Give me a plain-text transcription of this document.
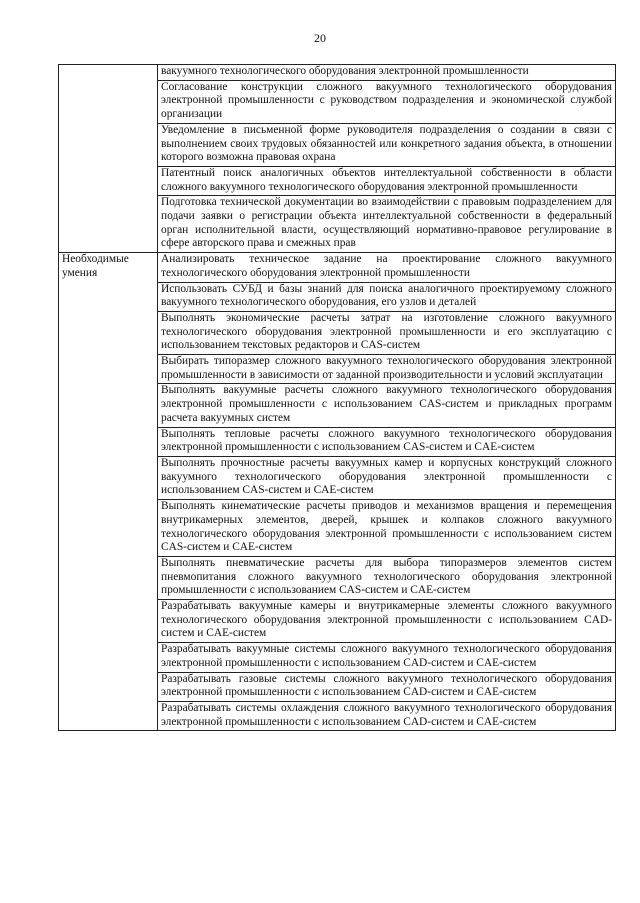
20

	вакуумного технологического оборудования электронной промышленности

	Согласование конструкции сложного вакуумного технологического оборудования электронной промышленности с руководством подразделения и экономической службой организации

	Уведомление в письменной форме руководителя подразделения о создании в связи с выполнением своих трудовых обязанностей или конкретного задания объекта, в отношении которого возможна правовая охрана

	Патентный поиск аналогичных объектов интеллектуальной собственности в области сложного вакуумного технологического оборудования электронной промышленности

	Подготовка технической документации во взаимодействии с правовым подразделением для подачи заявки о регистрации объекта интеллектуальной собственности в федеральный орган исполнительной власти, осуществляющий нормативно-правовое регулирование в сфере авторского права и смежных прав

Необходимые умения	Анализировать техническое задание на проектирование сложного вакуумного технологического оборудования электронной промышленности

	Использовать СУБД и базы знаний для поиска аналогичного проектируемому сложного вакуумного технологического оборудования, его узлов и деталей

	Выполнять экономические расчеты затрат на изготовление сложного вакуумного технологического оборудования электронной промышленности и его эксплуатацию с использованием текстовых редакторов и CAS-систем

	Выбирать типоразмер сложного вакуумного технологического оборудования электронной промышленности в зависимости от заданной производительности и условий эксплуатации

	Выполнять вакуумные расчеты сложного вакуумного технологического оборудования электронной промышленности с использованием CAS-систем и прикладных программ расчета вакуумных систем

	Выполнять тепловые расчеты сложного вакуумного технологического оборудования электронной промышленности с использованием CAS-систем и CAE-систем

	Выполнять прочностные расчеты вакуумных камер и корпусных конструкций сложного вакуумного технологического оборудования электронной промышленности с использованием CAS-систем и CAE-систем

	Выполнять кинематические расчеты приводов и механизмов вращения и перемещения внутрикамерных элементов, дверей, крышек и колпаков сложного вакуумного технологического оборудования электронной промышленности с использованием систем CAS-систем и CAE-систем

	Выполнять пневматические расчеты для выбора типоразмеров элементов систем пневмопитания сложного вакуумного технологического оборудования электронной промышленности с использованием CAS-систем и CAE-систем

	Разрабатывать вакуумные камеры и внутрикамерные элементы сложного вакуумного технологического оборудования электронной промышленности с использованием CAD-систем и CAE-систем

	Разрабатывать вакуумные системы сложного вакуумного технологического оборудования электронной промышленности с использованием CAD-систем и CAE-систем

	Разрабатывать газовые системы сложного вакуумного технологического оборудования электронной промышленности с использованием CAD-систем и CAE-систем

	Разрабатывать системы охлаждения сложного вакуумного технологического оборудования электронной промышленности с использованием CAD-систем и CAE-систем
